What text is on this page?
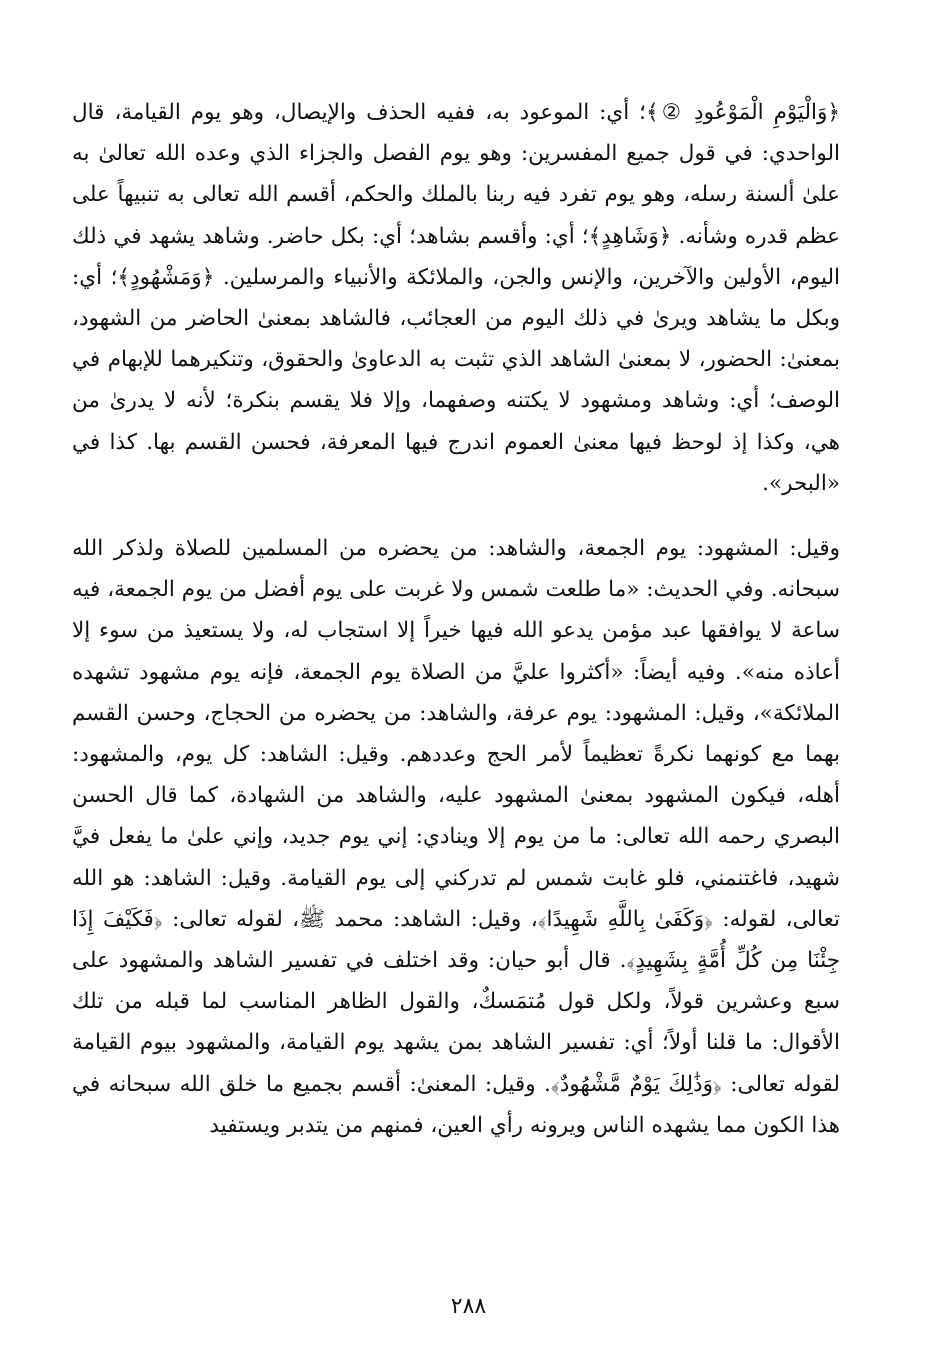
﴿وَالْيَوْمِ الْمَوْعُودِ ②﴾؛ أي: الموعود به، ففيه الحذف والإيصال، وهو يوم القيامة، قال الواحدي: في قول جميع المفسرين: وهو يوم الفصل والجزاء الذي وعده الله تعالىٰ به علىٰ ألسنة رسله، وهو يوم تفرد فيه ربنا بالملك والحكم، أقسم الله تعالى به تنبيهاً على عظم قدره وشأنه. ﴿وَشَاهِدٍ﴾؛ أي: وأقسم بشاهد؛ أي: بكل حاضر. وشاهد يشهد في ذلك اليوم، الأولين والآخرين، والإنس والجن، والملائكة والأنبياء والمرسلين. ﴿وَمَشْهُودٍ﴾؛ أي: وبكل ما يشاهد ويرىٰ في ذلك اليوم من العجائب، فالشاهد بمعنىٰ الحاضر من الشهود، بمعنىٰ: الحضور، لا بمعنىٰ الشاهد الذي تثبت به الدعاوىٰ والحقوق، وتنكيرهما للإبهام في الوصف؛ أي: وشاهد ومشهود لا يكتنه وصفهما، وإلا فلا يقسم بنكرة؛ لأنه لا يدرىٰ من هي، وكذا إذ لوحظ فيها معنىٰ العموم اندرج فيها المعرفة، فحسن القسم بها. كذا في «البحر».

وقيل: المشهود: يوم الجمعة، والشاهد: من يحضره من المسلمين للصلاة ولذكر الله سبحانه. وفي الحديث: «ما طلعت شمس ولا غربت على يوم أفضل من يوم الجمعة، فيه ساعة لا يوافقها عبد مؤمن يدعو الله فيها خيراً إلا استجاب له، ولا يستعيذ من سوء إلا أعاذه منه». وفيه أيضاً: «أكثروا عليَّ من الصلاة يوم الجمعة، فإنه يوم مشهود تشهده الملائكة»، وقيل: المشهود: يوم عرفة، والشاهد: من يحضره من الحجاج، وحسن القسم بهما مع كونهما نكرةً تعظيماً لأمر الحج وعددهم. وقيل: الشاهد: كل يوم، والمشهود: أهله، فيكون المشهود بمعنىٰ المشهود عليه، والشاهد من الشهادة، كما قال الحسن البصري رحمه الله تعالى: ما من يوم إلا وينادي: إني يوم جديد، وإني علىٰ ما يفعل فيَّ شهيد، فاغتنمني، فلو غابت شمس لم تدركني إلى يوم القيامة. وقيل: الشاهد: هو الله تعالى، لقوله: ﴿وَكَفَىٰ بِاللَّهِ شَهِيدًا﴾، وقيل: الشاهد: محمد ﷺ، لقوله تعالى: ﴿فَكَيْفَ إِذَا جِئْنَا مِن كُلِّ أُمَّةٍ بِشَهِيدٍ﴾. قال أبو حيان: وقد اختلف في تفسير الشاهد والمشهود على سبع وعشرين قولاً، ولكل قول مُتمَسكٌ، والقول الظاهر المناسب لما قبله من تلك الأقوال: ما قلنا أولاً؛ أي: تفسير الشاهد بمن يشهد يوم القيامة، والمشهود بيوم القيامة لقوله تعالى: ﴿وَذَٰلِكَ يَوْمٌ مَّشْهُودٌ﴾. وقيل: المعنىٰ: أقسم بجميع ما خلق الله سبحانه في هذا الكون مما يشهده الناس ويرونه رأي العين، فمنهم من يتدبر ويستفيد

٢٨٨
